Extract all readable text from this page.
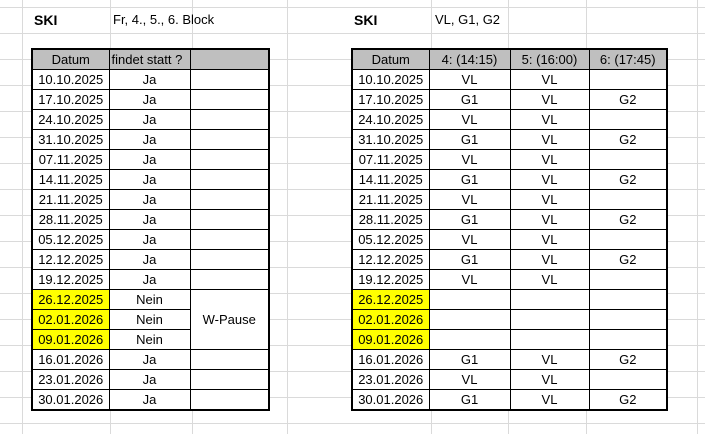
SKI	Fr, 4., 5., 6. Block	SKI	VL, G1, G2
Datum	findet statt ?	
10.10.2025	Ja	
17.10.2025	Ja	
24.10.2025	Ja	
31.10.2025	Ja	
07.11.2025	Ja	
14.11.2025	Ja	
21.11.2025	Ja	
28.11.2025	Ja	
05.12.2025	Ja	
12.12.2025	Ja	
19.12.2025	Ja	
26.12.2025	Nein	W-Pause
02.01.2026	Nein	
09.01.2026	Nein	
16.01.2026	Ja	
23.01.2026	Ja	
30.01.2026	Ja	
Datum	4: (14:15)	5: (16:00)	6: (17:45)
10.10.2025	VL	VL	
17.10.2025	G1	VL	G2
24.10.2025	VL	VL	
31.10.2025	G1	VL	G2
07.11.2025	VL	VL	
14.11.2025	G1	VL	G2
21.11.2025	VL	VL	
28.11.2025	G1	VL	G2
05.12.2025	VL	VL	
12.12.2025	G1	VL	G2
19.12.2025	VL	VL	
26.12.2025			
02.01.2026			
09.01.2026			
16.01.2026	G1	VL	G2
23.01.2026	VL	VL	
30.01.2026	G1	VL	G2
